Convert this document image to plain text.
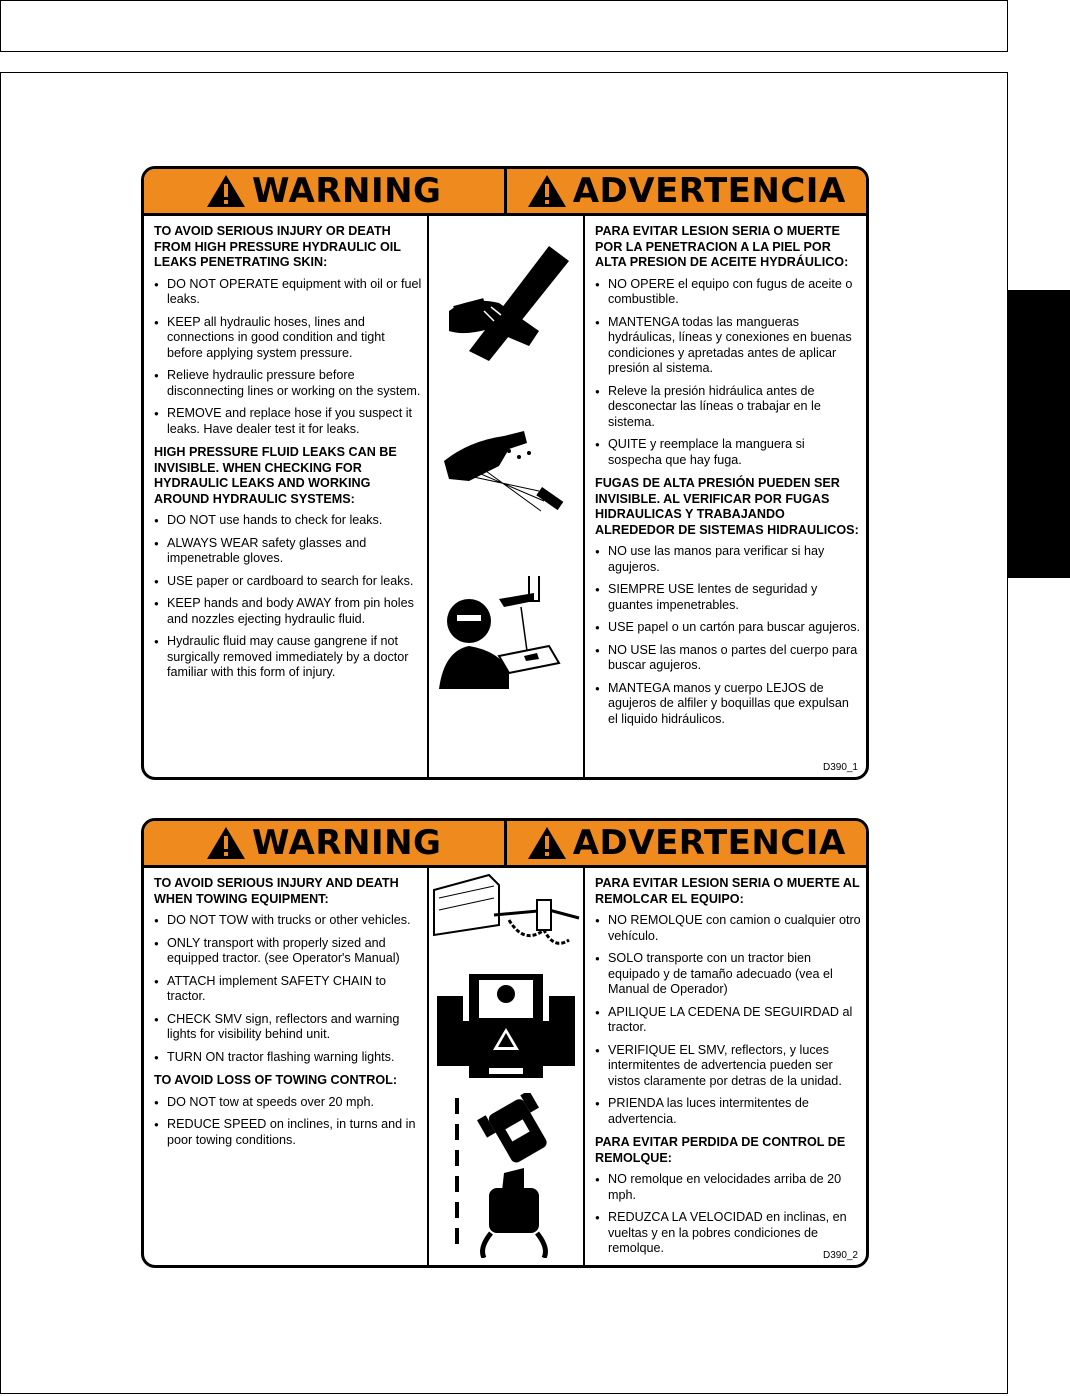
WARNING	ADVERTENCIA

TO AVOID SERIOUS INJURY OR DEATH FROM HIGH PRESSURE HYDRAULIC OIL LEAKS PENETRATING SKIN:

● DO NOT OPERATE equipment with oil or fuel leaks.
● KEEP all hydraulic hoses, lines and connections in good condition and tight before applying system pressure.
● Relieve hydraulic pressure before disconnecting lines or working on the system.
● REMOVE and replace hose if you suspect it leaks. Have dealer test it for leaks.

HIGH PRESSURE FLUID LEAKS CAN BE INVISIBLE. WHEN CHECKING FOR HYDRAULIC LEAKS AND WORKING AROUND HYDRAULIC SYSTEMS:

● DO NOT use hands to check for leaks.
● ALWAYS WEAR safety glasses and impenetrable gloves.
● USE paper or cardboard to search for leaks.
● KEEP hands and body AWAY from pin holes and nozzles ejecting hydraulic fluid.
● Hydraulic fluid may cause gangrene if not surgically removed immediately by a doctor familiar with this form of injury.

PARA EVITAR LESION SERIA O MUERTE POR LA PENETRACION A LA PIEL POR ALTA PRESION DE ACEITE HYDRÁULICO:

● NO OPERE el equipo con fugus de aceite o combustible.
● MANTENGA todas las mangueras hydráulicas, líneas y conexiones en buenas condiciones y apretadas antes de aplicar presión al sistema.
● Releve la presión hidráulica antes de desconectar las líneas o trabajar en le sistema.
● QUITE y reemplace la manguera si sospecha que hay fuga.

FUGAS DE ALTA PRESIÓN PUEDEN SER INVISIBLE. AL VERIFICAR POR FUGAS HIDRAULICAS Y TRABAJANDO ALREDEDOR DE SISTEMAS HIDRAULICOS:

● NO use las manos para verificar si hay agujeros.
● SIEMPRE USE lentes de seguridad y guantes impenetrables.
● USE papel o un cartón para buscar agujeros.
● NO USE las manos o partes del cuerpo para buscar agujeros.
● MANTEGA manos y cuerpo LEJOS de agujeros de alfiler y boquillas que expulsan el liquido hidráulicos.
D390_1
WARNING	ADVERTENCIA

TO AVOID SERIOUS INJURY AND DEATH WHEN TOWING EQUIPMENT:

● DO NOT TOW with trucks or other vehicles.
● ONLY transport with properly sized and equipped tractor. (see Operator's Manual)
● ATTACH implement SAFETY CHAIN to tractor.
● CHECK SMV sign, reflectors and warning lights for visibility behind unit.
● TURN ON tractor flashing warning lights.

TO AVOID LOSS OF TOWING CONTROL:

● DO NOT tow at speeds over 20 mph.
● REDUCE SPEED on inclines, in turns and in poor towing conditions.

PARA EVITAR LESION SERIA O MUERTE AL REMOLCAR EL EQUIPO:

● NO REMOLQUE con camion o cualquier otro vehículo.
● SOLO transporte con un tractor bien equipado y de tamaño adecuado (vea el Manual de Operador)
● APILIQUE LA CEDENA DE SEGUIRDAD al tractor.
● VERIFIQUE EL SMV, reflectors, y luces intermitentes de advertencia pueden ser vistos claramente por detras de la unidad.
● PRIENDA las luces intermitentes de advertencia.

PARA EVITAR PERDIDA DE CONTROL DE REMOLQUE:

● NO remolque en velocidades arriba de 20 mph.
● REDUZCA LA VELOCIDAD en inclinas, en vueltas y en la pobres condiciones de remolque.
D390_2
